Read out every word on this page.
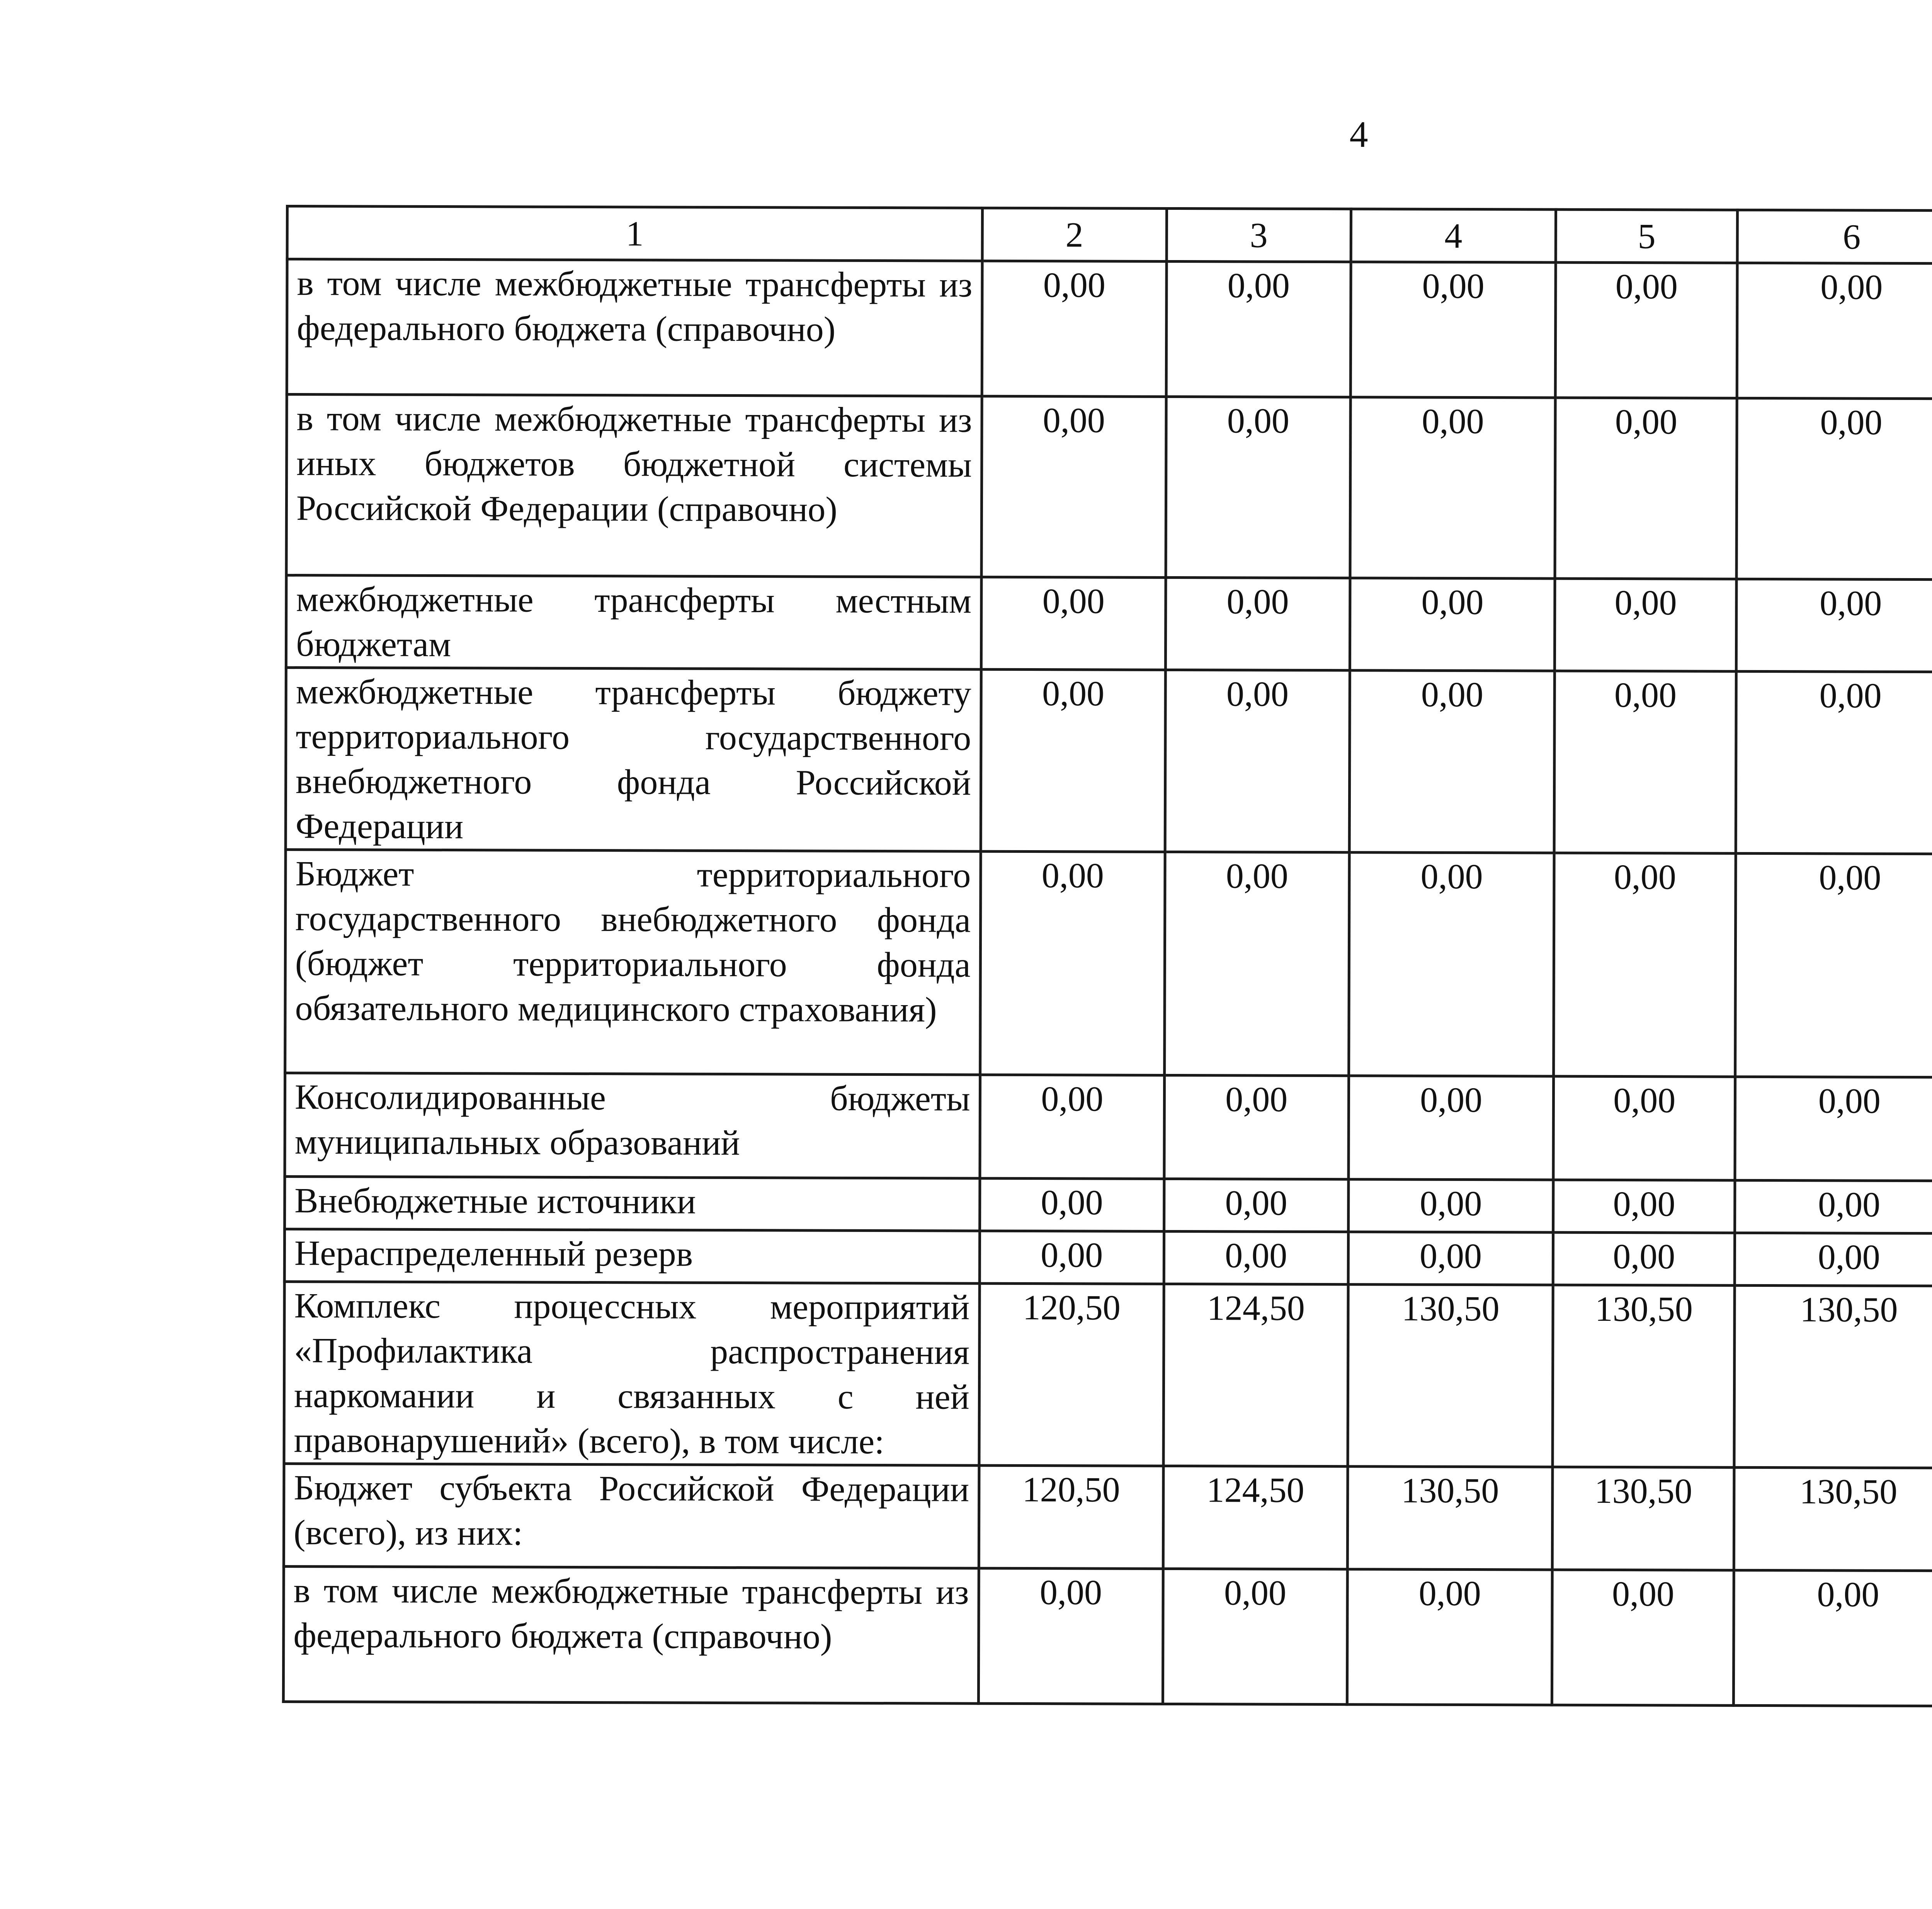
4
1	2	3	4	5	6			
в том числе межбюджетные трансферты из федерального бюджета (справочно)	0,00	0,00	0,00	0,00	0,00			
в том числе межбюджетные трансферты из иных бюджетов бюджетной системы Российской Федерации (справочно)	0,00	0,00	0,00	0,00	0,00			
межбюджетные трансферты местным бюджетам	0,00	0,00	0,00	0,00	0,00			
межбюджетные трансферты бюджету территориального государственного внебюджетного фонда Российской Федерации	0,00	0,00	0,00	0,00	0,00			
Бюджет территориального государственного внебюджетного фонда (бюджет территориального фонда обязательного медицинского страхования)	0,00	0,00	0,00	0,00	0,00			
Консолидированные бюджеты муниципальных образований	0,00	0,00	0,00	0,00	0,00			
Внебюджетные источники	0,00	0,00	0,00	0,00	0,00			
Нераспределенный резерв	0,00	0,00	0,00	0,00	0,00			
Комплекс процессных мероприятий «Профилактика распространения наркомании и связанных с ней правонарушений» (всего), в том числе:	120,50	124,50	130,50	130,50	130,50			
Бюджет субъекта Российской Федерации (всего), из них:	120,50	124,50	130,50	130,50	130,50			
в том числе межбюджетные трансферты из федерального бюджета (справочно)	0,00	0,00	0,00	0,00	0,00			
